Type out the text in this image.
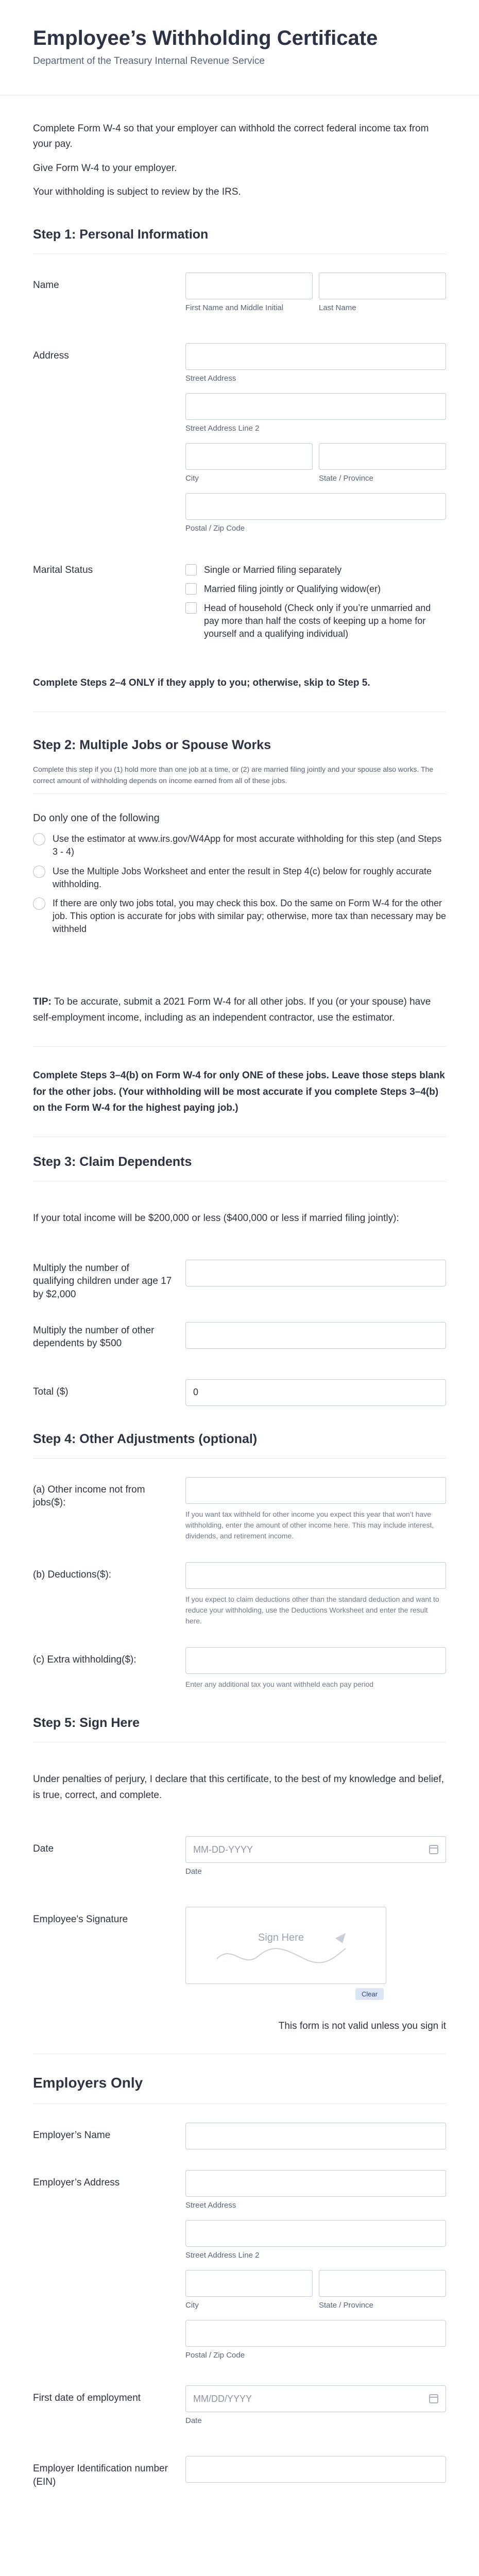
Employee’s Withholding Certificate
Department of the Treasury Internal Revenue Service

Complete Form W-4 so that your employer can withhold the correct federal income tax from your pay.

Give Form W-4 to your employer.

Your withholding is subject to review by the IRS.

Step 1: Personal Information
Name
First Name and Middle Initial	Last Name
Address
Street Address
Street Address Line 2
City	State / Province
Postal / Zip Code
Marital Status	Single or Married filing separately
Married filing jointly or Qualifying widow(er)
Head of household (Check only if you’re unmarried and pay more than half the costs of keeping up a home for yourself and a qualifying individual)
Complete Steps 2–4 ONLY if they apply to you; otherwise, skip to Step 5.
Step 2: Multiple Jobs or Spouse Works
Complete this step if you (1) hold more than one job at a time, or (2) are married filing jointly and your spouse also works. The correct amount of withholding depends on income earned from all of these jobs.
Do only one of the following
Use the estimator at www.irs.gov/W4App for most accurate withholding for this step (and Steps 3 - 4)
Use the Multiple Jobs Worksheet and enter the result in Step 4(c) below for roughly accurate withholding.
If there are only two jobs total, you may check this box. Do the same on Form W-4 for the other job. This option is accurate for jobs with similar pay; otherwise, more tax than necessary may be withheld
TIP: To be accurate, submit a 2021 Form W-4 for all other jobs. If you (or your spouse) have self-employment income, including as an independent contractor, use the estimator.
Complete Steps 3–4(b) on Form W-4 for only ONE of these jobs. Leave those steps blank for the other jobs. (Your withholding will be most accurate if you complete Steps 3–4(b) on the Form W-4 for the highest paying job.)
Step 3: Claim Dependents
If your total income will be $200,000 or less ($400,000 or less if married filing jointly):
Multiply the number of qualifying children under age 17 by $2,000
Multiply the number of other dependents by $500
Total ($)	0
Step 4: Other Adjustments (optional)
(a) Other income not from jobs($):
If you want tax withheld for other income you expect this year that won’t have withholding, enter the amount of other income here. This may include interest, dividends, and retirement income.
(b) Deductions($):
If you expect to claim deductions other than the standard deduction and want to reduce your withholding, use the Deductions Worksheet and enter the result here.
(c) Extra withholding($):
Enter any additional tax you want withheld each pay period
Step 5: Sign Here
Under penalties of perjury, I declare that this certificate, to the best of my knowledge and belief, is true, correct, and complete.
Date	MM-DD-YYYY
Date
Employee's Signature
Sign Here
Clear
This form is not valid unless you sign it
Employers Only
Employer’s Name
Employer’s Address
Street Address
Street Address Line 2
City	State / Province
Postal / Zip Code
First date of employment	MM/DD/YYYY
Date
Employer Identification number (EIN)
